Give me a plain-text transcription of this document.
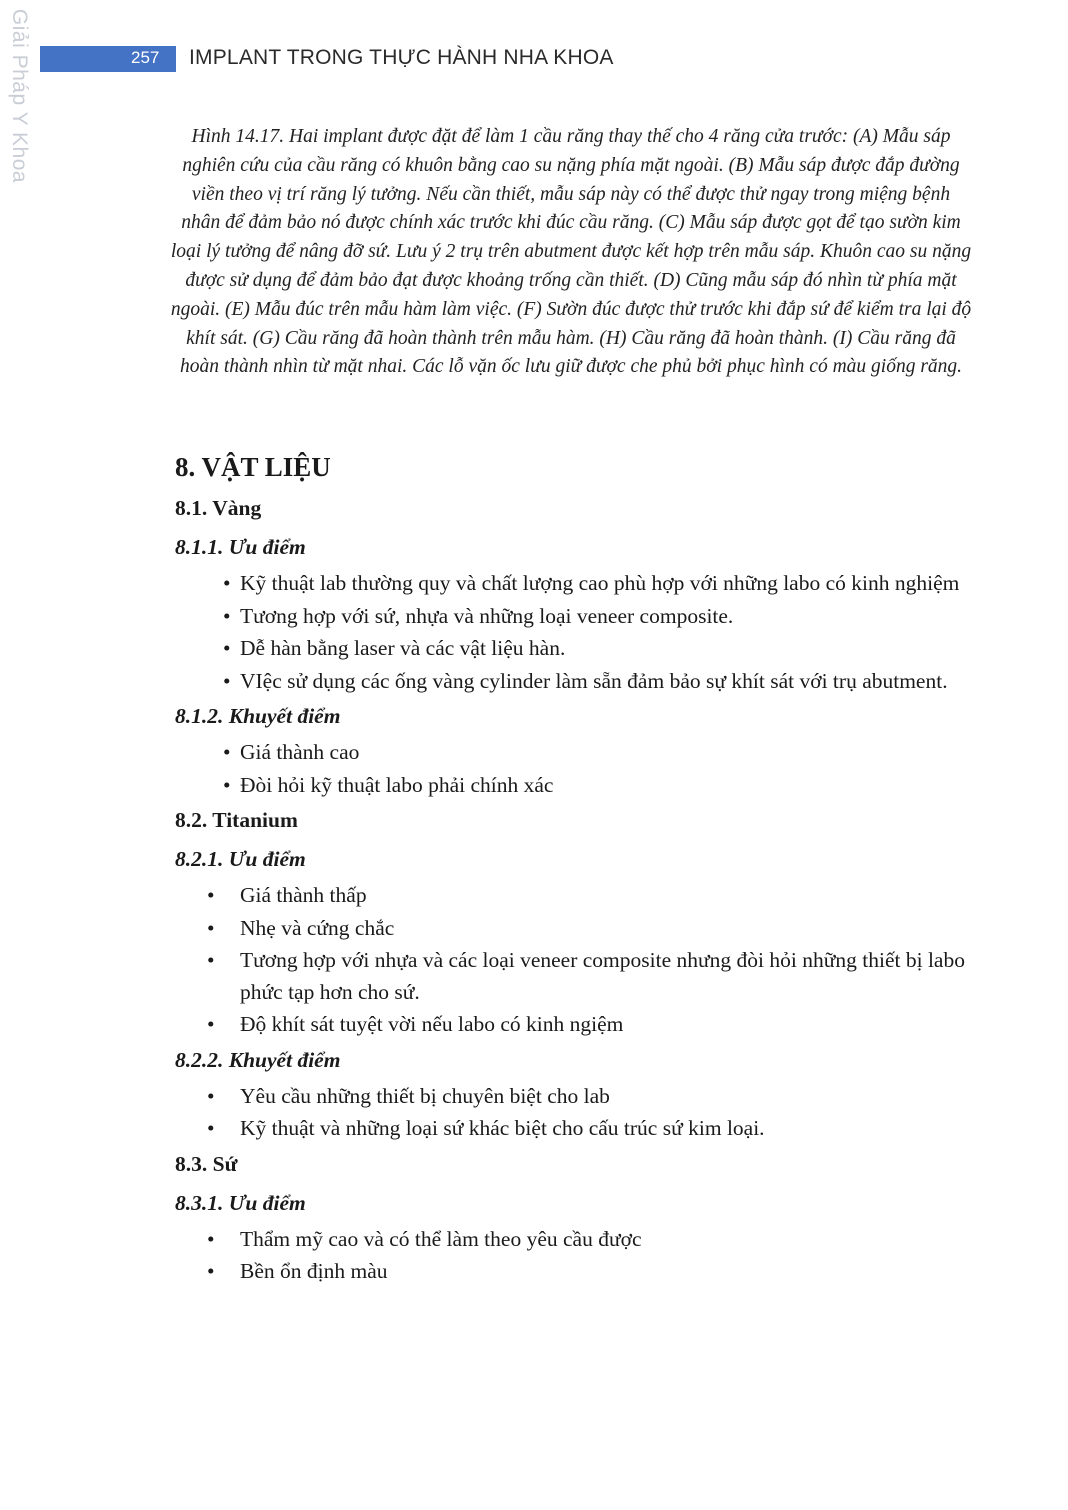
Giải Pháp Y Khoa	257 IMPLANT TRONG THỰC HÀNH NHA KHOA
Hình 14.17. Hai implant được đặt để làm 1 cầu răng thay thế cho 4 răng cửa trước: (A) Mẫu sáp nghiên cứu của cầu răng có khuôn bằng cao su nặng phía mặt ngoài. (B) Mẫu sáp được đắp đường viền theo vị trí răng lý tưởng. Nếu cần thiết, mẫu sáp này có thể được thử ngay trong miệng bệnh nhân để đảm bảo nó được chính xác trước khi đúc cầu răng. (C) Mẫu sáp được gọt để tạo sườn kim loại lý tưởng để nâng đỡ sứ. Lưu ý 2 trụ trên abutment được kết hợp trên mẫu sáp. Khuôn cao su nặng được sử dụng để đảm bảo đạt được khoảng trống cần thiết. (D) Cũng mẫu sáp đó nhìn từ phía mặt ngoài. (E) Mẫu đúc trên mẫu hàm làm việc. (F) Sườn đúc được thử trước khi đắp sứ để kiểm tra lại độ khít sát. (G) Cầu răng đã hoàn thành trên mẫu hàm. (H) Cầu răng đã hoàn thành. (I) Cầu răng đã hoàn thành nhìn từ mặt nhai. Các lỗ vặn ốc lưu giữ được che phủ bởi phục hình có màu giống răng.
8. VẬT LIỆU
8.1. Vàng
8.1.1. Ưu điểm
• Kỹ thuật lab thường quy và chất lượng cao phù hợp với những labo có kinh nghiệm
• Tương hợp với sứ, nhựa và những loại veneer composite.
• Dễ hàn bằng laser và các vật liệu hàn.
• VIệc sử dụng các ống vàng cylinder làm sẵn đảm bảo sự khít sát với trụ abutment.
8.1.2. Khuyết điểm
• Giá thành cao
• Đòi hỏi kỹ thuật labo phải chính xác
8.2. Titanium
8.2.1. Ưu điểm
• Giá thành thấp
• Nhẹ và cứng chắc
• Tương hợp với nhựa và các loại veneer composite nhưng đòi hỏi những thiết bị labo phức tạp hơn cho sứ.
• Độ khít sát tuyệt vời nếu labo có kinh ngiệm
8.2.2. Khuyết điểm
• Yêu cầu những thiết bị chuyên biệt cho lab
• Kỹ thuật và những loại sứ khác biệt cho cấu trúc sứ kim loại.
8.3. Sứ
8.3.1. Ưu điểm
• Thẩm mỹ cao và có thể làm theo yêu cầu được
• Bền ổn định màu
